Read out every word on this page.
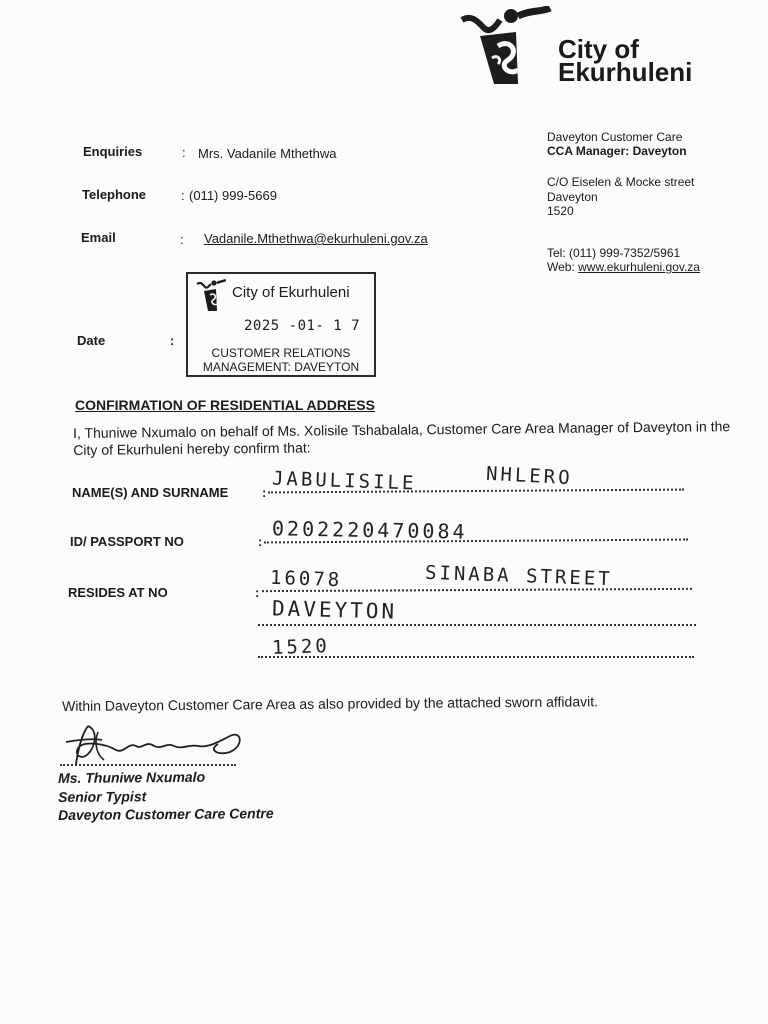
City of
Ekurhuleni
Enquiries	: Mrs. Vadanile Mthethwa
Telephone	: (011) 999-5669
Email	: Vadanile.Mthethwa@ekurhuleni.gov.za
Date	:
Daveyton Customer Care
CCA Manager: Daveyton
C/O Eiselen & Mocke street
Daveyton
1520
Tel: (011) 999-7352/5961
Web: www.ekurhuleni.gov.za
City of Ekurhuleni
2025 -01- 1 7
CUSTOMER RELATIONS
MANAGEMENT: DAVEYTON
CONFIRMATION OF RESIDENTIAL ADDRESS
I, Thuniwe Nxumalo on behalf of Ms. Xolisile Tshabalala, Customer Care Area Manager of Daveyton in the City of Ekurhuleni hereby confirm that:
NAME(S) AND SURNAME	: JABULISILE	NHLERO
ID/ PASSPORT NO	: 0202220470084
RESIDES AT NO	:
16078	SINABA STREET
DAVEYTON
1520
Within Daveyton Customer Care Area as also provided by the attached sworn affidavit.
Ms. Thuniwe Nxumalo
Senior Typist
Daveyton Customer Care Centre
